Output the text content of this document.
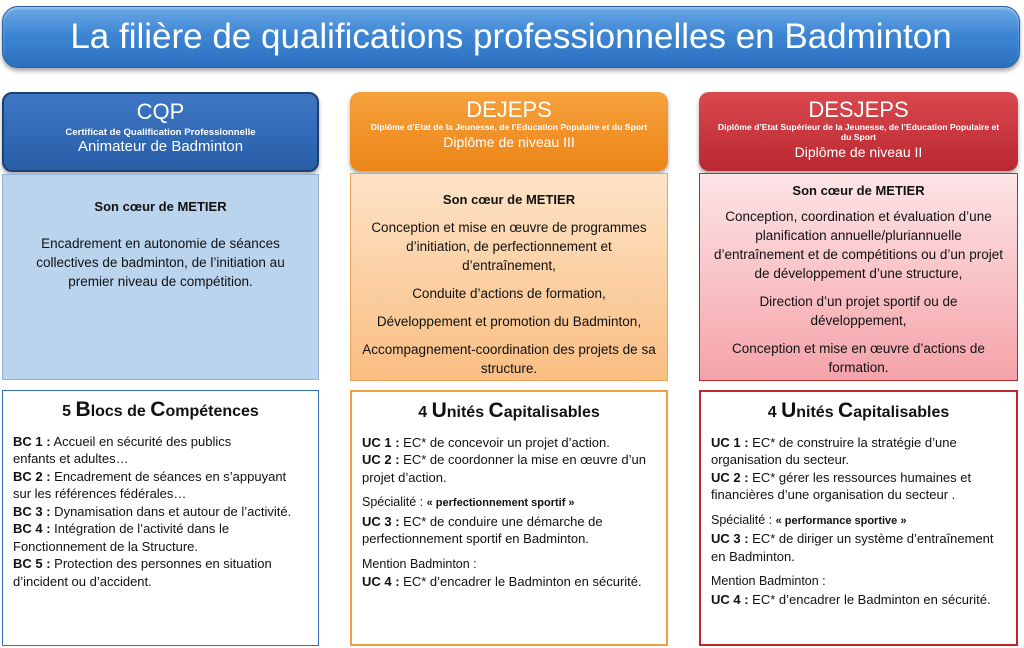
La filière de qualifications professionnelles en Badminton
CQP
Certificat de Qualification Professionnelle
Animateur de Badminton
Son cœur de METIER
Encadrement en autonomie de séances collectives de badminton, de l’initiation au premier niveau de compétition.
5 Blocs de Compétences

BC 1 : Accueil en sécurité des publics

enfants et adultes…

BC 2 : Encadrement de séances en s’appuyant

sur les références fédérales…

BC 3 : Dynamisation dans et autour de l’activité.

BC 4 : Intégration de l’activité dans le

Fonctionnement de la Structure.

BC 5 : Protection des personnes en situation

d’incident ou d’accident.

DEJEPS
Diplôme d’Etat de la Jeunesse, de l’Education Populaire et du Sport
Diplôme de niveau III
Son cœur de METIER
Conception et mise en œuvre de programmes d’initiation, de perfectionnement et d’entraînement,
Conduite d’actions de formation,
Développement et promotion du Badminton,
Accompagnement-coordination des projets de sa structure.
4 Unités Capitalisables

UC 1 : EC* de concevoir un projet d’action.

UC 2 : EC* de coordonner la mise en œuvre d’un projet d’action.

Spécialité : « perfectionnement sportif »

UC 3 : EC* de conduire une démarche de perfectionnement sportif en Badminton.

Mention Badminton :

UC 4 : EC* d’encadrer le Badminton en sécurité.

DESJEPS
Diplôme d’Etat Supérieur de la Jeunesse, de l’Education Populaire et du Sport
Diplôme de niveau II
Son cœur de METIER
Conception, coordination et évaluation d’une planification annuelle/pluriannuelle d’entraînement et de compétitions ou d’un projet de développement d’une structure,
Direction d’un projet sportif ou de développement,
Conception et mise en œuvre d’actions de formation.
4 Unités Capitalisables

UC 1 : EC* de construire la stratégie d’une organisation du secteur.

UC 2 : EC* gérer les ressources humaines et financières d’une organisation du secteur .

Spécialité : « performance sportive »

UC 3 : EC* de diriger un système d’entraînement en Badminton.

Mention Badminton :

UC 4 : EC* d’encadrer le Badminton en sécurité.
